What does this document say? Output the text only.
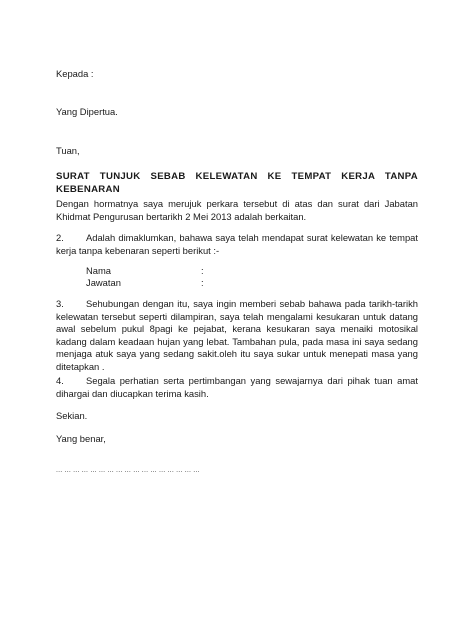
Kepada :
Yang Dipertua.
Tuan,
SURAT TUNJUK SEBAB KELEWATAN KE TEMPAT KERJA TANPA
KEBENARAN
Dengan hormatnya saya merujuk perkara tersebut di atas dan surat dari Jabatan Khidmat Pengurusan bertarikh 2 Mei 2013 adalah berkaitan.
2.	Adalah dimaklumkan, bahawa saya telah mendapat surat kelewatan ke tempat kerja tanpa kebenaran seperti berikut :-
Nama	:
Jawatan	:
3.	Sehubungan dengan itu, saya ingin memberi sebab bahawa pada tarikh-tarikh kelewatan tersebut seperti dilampiran, saya telah mengalami kesukaran untuk datang awal sebelum pukul 8pagi ke pejabat, kerana kesukaran saya menaiki motosikal kadang dalam keadaan hujan yang lebat. Tambahan pula, pada masa ini saya sedang menjaga atuk saya yang sedang sakit.oleh itu saya sukar untuk menepati masa yang ditetapkan .
4.	Segala perhatian serta pertimbangan yang sewajarnya dari pihak tuan amat dihargai dan diucapkan terima kasih.
Sekian.
Yang benar,
... ... ... ... ... ... ... ... ... ... ... ... ... ... ... ... ...
